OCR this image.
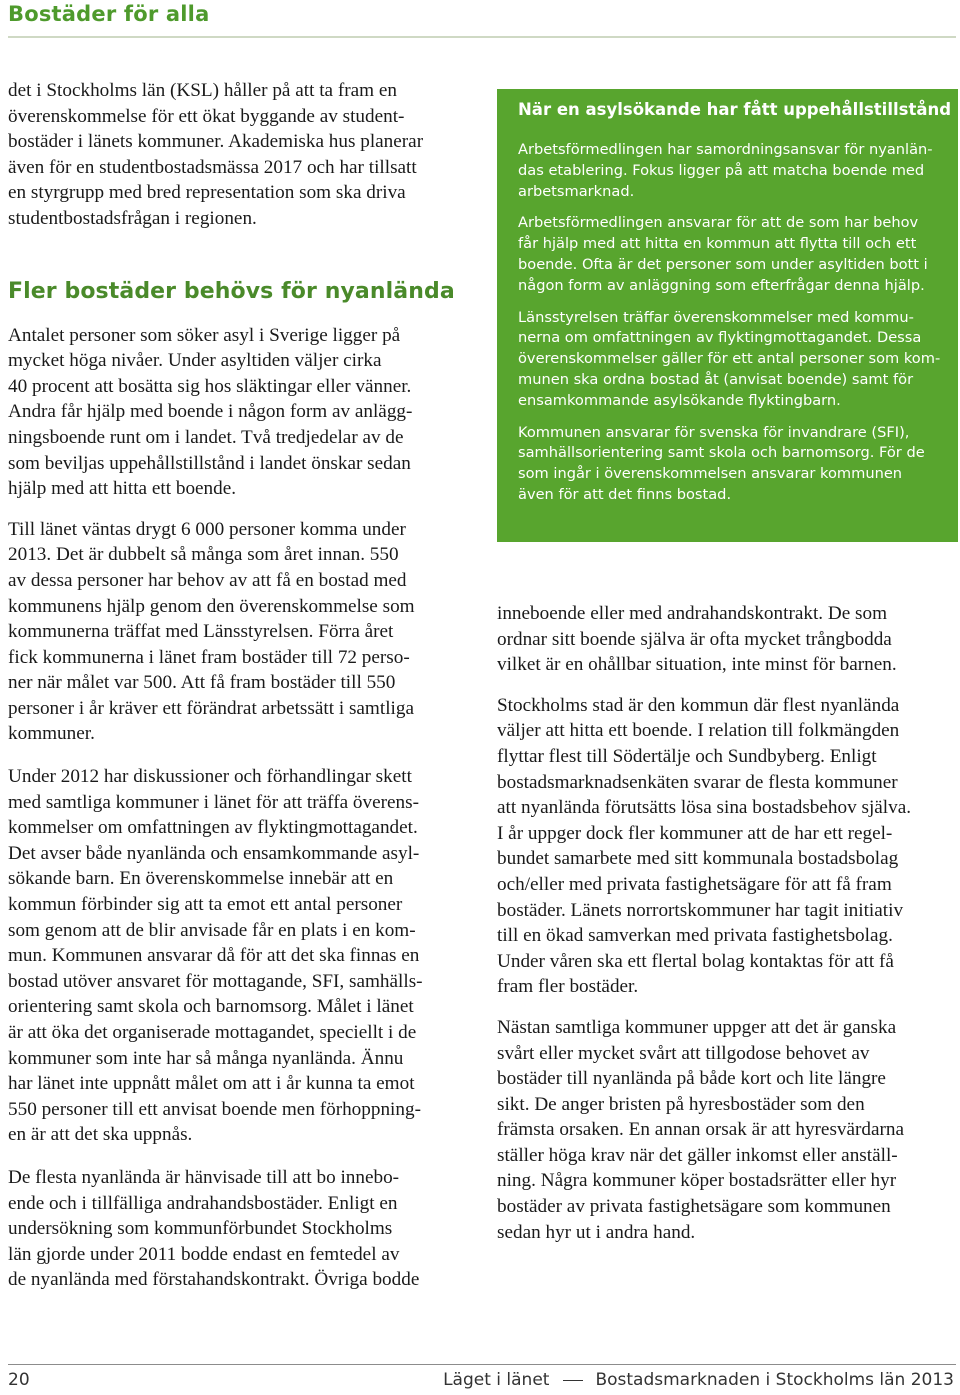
Bostäder för alla

det i Stockholms län (KSL) håller på att ta fram en
överenskommelse för ett ökat byggande av student-
bostäder i länets kommuner. Akademiska hus planerar
även för en studentbostadsmässa 2017 och har tillsatt
en styrgrupp med bred representation som ska driva
studentbostadsfrågan i regionen.

Fler bostäder behövs för nyanlända

Antalet personer som söker asyl i Sverige ligger på
mycket höga nivåer. Under asyltiden väljer cirka
40 procent att bosätta sig hos släktingar eller vänner.
Andra får hjälp med boende i någon form av anlägg-
ningsboende runt om i landet. Två tredjedelar av de
som beviljas uppehållstillstånd i landet önskar sedan
hjälp med att hitta ett boende.

Till länet väntas drygt 6 000 personer komma under
2013. Det är dubbelt så många som året innan. 550
av dessa personer har behov av att få en bostad med
kommunens hjälp genom den överenskommelse som
kommunerna träffat med Länsstyrelsen. Förra året
fick kommunerna i länet fram bostäder till 72 perso-
ner när målet var 500. Att få fram bostäder till 550
personer i år kräver ett förändrat arbetssätt i samtliga
kommuner.

Under 2012 har diskussioner och förhandlingar skett
med samtliga kommuner i länet för att träffa överens-
kommelser om omfattningen av flyktingmottagandet.
Det avser både nyanlända och ensamkommande asyl-
sökande barn. En överenskommelse innebär att en
kommun förbinder sig att ta emot ett antal personer
som genom att de blir anvisade får en plats i en kom-
mun. Kommunen ansvarar då för att det ska finnas en
bostad utöver ansvaret för mottagande, SFI, samhälls-
orientering samt skola och barnomsorg. Målet i länet
är att öka det organiserade mottagandet, speciellt i de
kommuner som inte har så många nyanlända. Ännu
har länet inte uppnått målet om att i år kunna ta emot
550 personer till ett anvisat boende men förhoppning-
en är att det ska uppnås.

De flesta nyanlända är hänvisade till att bo innebo-
ende och i tillfälliga andrahandsbostäder. Enligt en
undersökning som kommunförbundet Stockholms
län gjorde under 2011 bodde endast en femtedel av
de nyanlända med förstahandskontrakt. Övriga bodde

När en asylsökande har fått uppehållstillstånd

Arbetsförmedlingen har samordningsansvar för nyanlän-
das etablering. Fokus ligger på att matcha boende med
arbetsmarknad.

Arbetsförmedlingen ansvarar för att de som har behov
får hjälp med att hitta en kommun att flytta till och ett
boende. Ofta är det personer som under asyltiden bott i
någon form av anläggning som efterfrågar denna hjälp.

Länsstyrelsen träffar överenskommelser med kommu-
nerna om omfattningen av flyktingmottagandet. Dessa
överenskommelser gäller för ett antal personer som kom-
munen ska ordna bostad åt (anvisat boende) samt för
ensamkommande asylsökande flyktingbarn.

Kommunen ansvarar för svenska för invandrare (SFI),
samhällsorientering samt skola och barnomsorg. För de
som ingår i överenskommelsen ansvarar kommunen
även för att det finns bostad.

inneboende eller med andrahandskontrakt. De som
ordnar sitt boende själva är ofta mycket trångbodda
vilket är en ohållbar situation, inte minst för barnen.

Stockholms stad är den kommun där flest nyanlända
väljer att hitta ett boende. I relation till folkmängden
flyttar flest till Södertälje och Sundbyberg. Enligt
bostadsmarknadsenkäten svarar de flesta kommuner
att nyanlända förutsätts lösa sina bostadsbehov själva.
I år uppger dock fler kommuner att de har ett regel-
bundet samarbete med sitt kommunala bostadsbolag
och/eller med privata fastighetsägare för att få fram
bostäder. Länets norrortskommuner har tagit initiativ
till en ökad samverkan med privata fastighetsbolag.
Under våren ska ett flertal bolag kontaktas för att få
fram fler bostäder.

Nästan samtliga kommuner uppger att det är ganska
svårt eller mycket svårt att tillgodose behovet av
bostäder till nyanlända på både kort och lite längre
sikt. De anger bristen på hyresbostäder som den
främsta orsaken. En annan orsak är att hyresvärdarna
ställer höga krav när det gäller inkomst eller anställ-
ning. Några kommuner köper bostadsrätter eller hyr
bostäder av privata fastighetsägare som kommunen
sedan hyr ut i andra hand.

20	Läget i länet	Bostadsmarknaden i Stockholms län 2013
